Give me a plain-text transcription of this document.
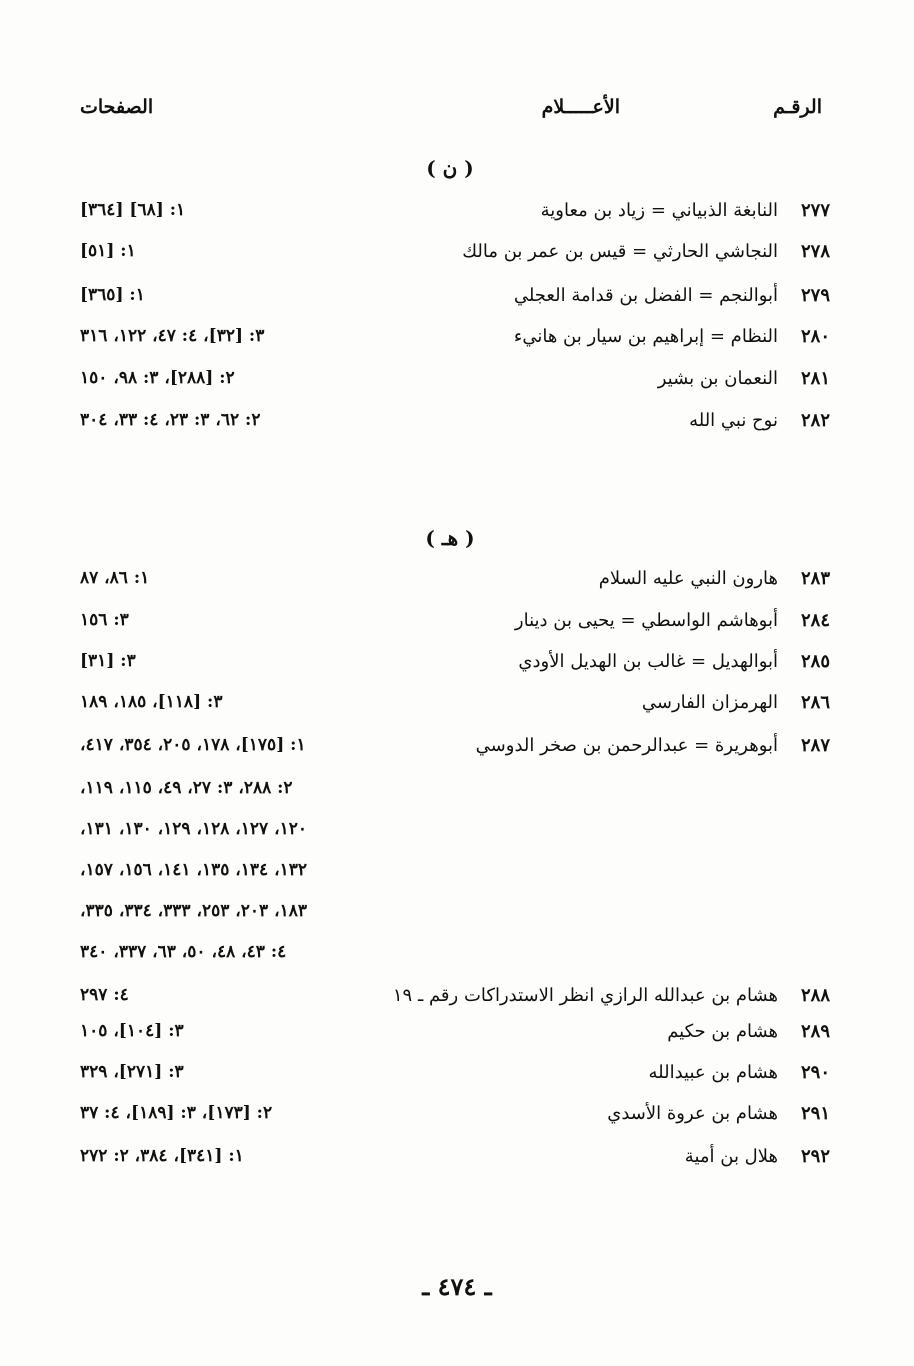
الرقـم
الأعـــــلام
الصفحات
( ن )
٢٧٧
النابغة الذبياني = زياد بن معاوية
١: [٦٨] [٣٦٤]
٢٧٨
النجاشي الحارثي = قيس بن عمر بن مالك
١: [٥١]
٢٧٩
أبوالنجم = الفضل بن قدامة العجلي
١: [٣٦٥]
٢٨٠
النظام = إبراهيم بن سيار بن هانيء
٣: [٣٢]، ٤: ٤٧، ١٢٢، ٣١٦
٢٨١
النعمان بن بشير
٢: [٢٨٨]، ٣: ٩٨، ١٥٠
٢٨٢
نوح نبي الله
٢: ٦٢، ٣: ٢٣، ٤: ٣٣، ٣٠٤
( هـ )
٢٨٣
هارون النبي عليه السلام
١: ٨٦، ٨٧
٢٨٤
أبوهاشم الواسطي = يحيى بن دينار
٣: ١٥٦
٢٨٥
أبوالهديل = غالب بن الهديل الأودي
٣: [٣١]
٢٨٦
الهرمزان الفارسي
٣: [١١٨]، ١٨٥، ١٨٩
٢٨٧
أبوهريرة = عبدالرحمن بن صخر الدوسي
١: [١٧٥]، ١٧٨، ٢٠٥، ٣٥٤، ٤١٧،
٢: ٢٨٨، ٣: ٢٧، ٤٩، ١١٥، ١١٩،
١٢٠، ١٢٧، ١٢٨، ١٢٩، ١٣٠، ١٣١،
١٣٢، ١٣٤، ١٣٥، ١٤١، ١٥٦، ١٥٧،
١٨٣، ٢٠٣، ٢٥٣، ٣٣٣، ٣٣٤، ٣٣٥،
٤: ٤٣، ٤٨، ٥٠، ٦٣، ٣٣٧، ٣٤٠
٢٨٨
هشام بن عبدالله الرازي انظر الاستدراكات رقم ـ ١٩
٤: ٢٩٧
٢٨٩
هشام بن حكيم
٣: [١٠٤]، ١٠٥
٢٩٠
هشام بن عبيدالله
٣: [٢٧١]، ٣٢٩
٢٩١
هشام بن عروة الأسدي
٢: [١٧٣]، ٣: [١٨٩]، ٤: ٣٧
٢٩٢
هلال بن أمية
١: [٣٤١]، ٣٨٤، ٢: ٢٧٢
ـ ٤٧٤ ـ
